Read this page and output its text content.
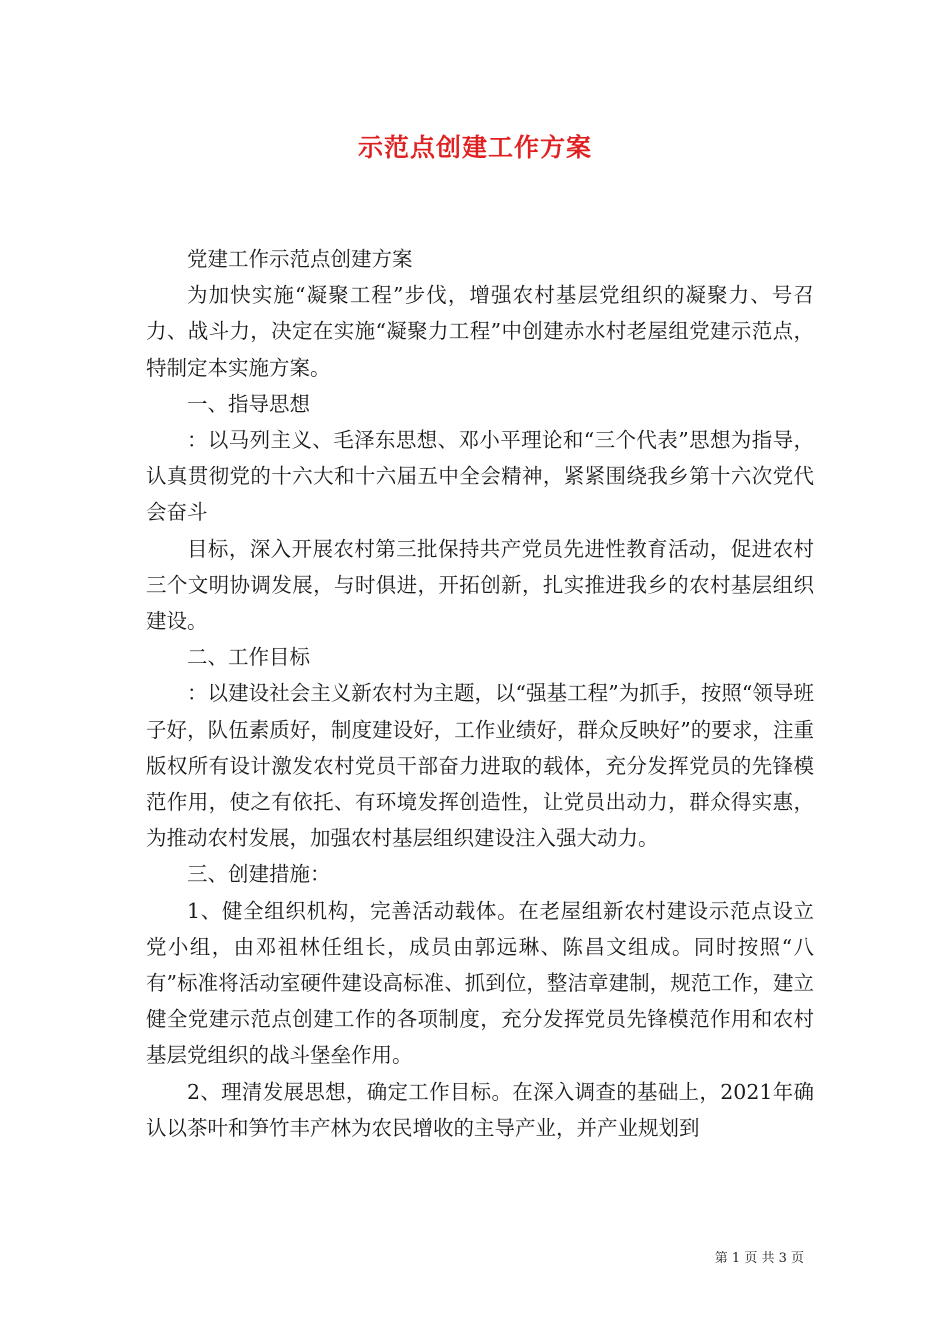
示范点创建工作方案

党建工作示范点创建方案

为加快实施“凝聚工程”步伐，增强农村基层党组织的凝聚力、号召力、战斗力，决定在实施“凝聚力工程”中创建赤水村老屋组党建示范点，特制定本实施方案。

一、指导思想

：以马列主义、毛泽东思想、邓小平理论和“三个代表”思想为指导，认真贯彻党的十六大和十六届五中全会精神，紧紧围绕我乡第十六次党代会奋斗

目标，深入开展农村第三批保持共产党员先进性教育活动，促进农村三个文明协调发展，与时俱进，开拓创新，扎实推进我乡的农村基层组织建设。

二、工作目标

：以建设社会主义新农村为主题，以“强基工程”为抓手，按照“领导班子好，队伍素质好，制度建设好，工作业绩好，群众反映好”的要求，注重版权所有设计激发农村党员干部奋力进取的载体，充分发挥党员的先锋模范作用，使之有依托、有环境发挥创造性，让党员出动力，群众得实惠，为推动农村发展，加强农村基层组织建设注入强大动力。

三、创建措施：

1、健全组织机构，完善活动载体。在老屋组新农村建设示范点设立党小组，由邓祖林任组长，成员由郭远琳、陈昌文组成。同时按照“八有”标准将活动室硬件建设高标准、抓到位，整洁章建制，规范工作，建立健全党建示范点创建工作的各项制度，充分发挥党员先锋模范作用和农村基层党组织的战斗堡垒作用。

2、理清发展思想，确定工作目标。在深入调查的基础上，2021年确认以茶叶和笋竹丰产林为农民增收的主导产业，并产业规划到

第 1 页 共 3 页
